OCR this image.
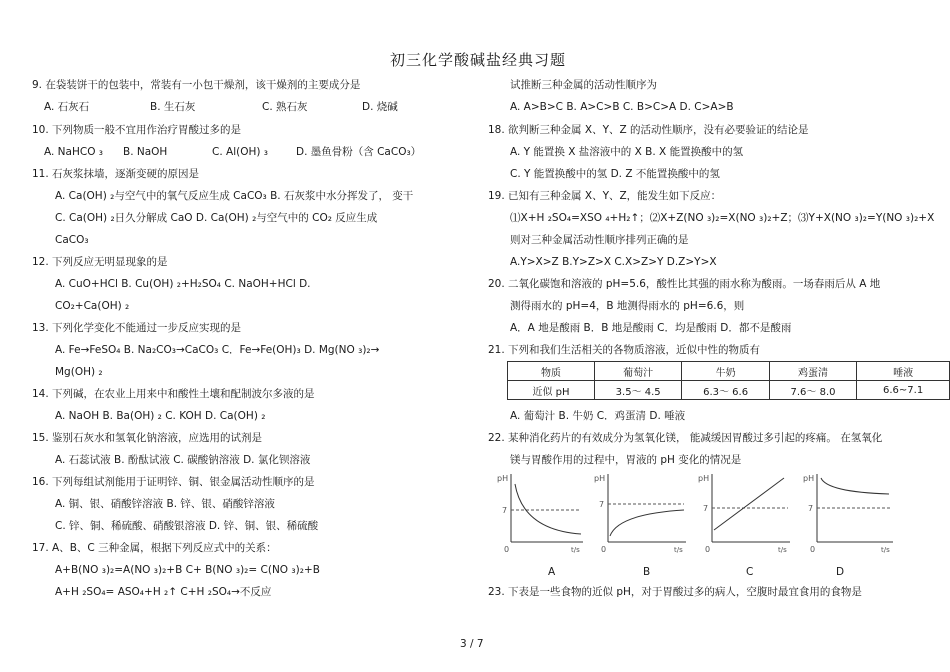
初三化学酸碱盐经典习题
9. 在袋装饼干的包装中，常装有一小包干燥剂，该干燥剂的主要成分是
A. 石灰石	B. 生石灰	C. 熟石灰	D. 烧碱
10. 下列物质一般不宜用作治疗胃酸过多的是
A. NaHCO ₃ B. NaOH	C. Al(OH) ₃	D. 墨鱼骨粉（含 CaCO₃）
11. 石灰浆抹墙，逐渐变硬的原因是
A. Ca(OH) ₂与空气中的氧气反应生成 CaCO₃ B. 石灰浆中水分挥发了， 变干
C. Ca(OH) ₂日久分解成 CaO D. Ca(OH) ₂与空气中的 CO₂ 反应生成
CaCO₃
12. 下列反应无明显现象的是
A. CuO+HCl B. Cu(OH) ₂+H₂SO₄ C. NaOH+HCl D.
CO₂+Ca(OH) ₂
13. 下列化学变化不能通过一步反应实现的是
A. Fe→FeSO₄ B. Na₂CO₃→CaCO₃ C．Fe→Fe(OH)₃ D. Mg(NO ₃)₂→
Mg(OH) ₂
14. 下列碱，在农业上用来中和酸性土壤和配制波尔多液的是
A. NaOH B. Ba(OH) ₂ C. KOH D. Ca(OH) ₂
15. 鉴别石灰水和氢氧化钠溶液，应选用的试剂是
A. 石蕊试液 B. 酚酞试液 C. 碳酸钠溶液 D. 氯化钡溶液
16. 下列每组试剂能用于证明锌、铜、银金属活动性顺序的是
A. 铜、银、硝酸锌溶液 B. 锌、银、硝酸锌溶液
C. 锌、铜、稀硫酸、硝酸银溶液 D. 锌、铜、银、稀硫酸
17. A、B、C 三种金属，根据下列反应式中的关系：
A+B(NO ₃)₂=A(NO ₃)₂+B C+ B(NO ₃)₂= C(NO ₃)₂+B
A+H ₂SO₄= ASO₄+H ₂↑ C+H ₂SO₄→不反应
试推断三种金属的活动性顺序为
A. A>B>C B. A>C>B C. B>C>A D. C>A>B
18. 欲判断三种金属 X、Y、Z 的活动性顺序，没有必要验证的结论是
A. Y 能置换 X 盐溶液中的 X B. X 能置换酸中的氢
C. Y 能置换酸中的氢 D. Z 不能置换酸中的氢
19. 已知有三种金属 X、Y、Z，能发生如下反应：
⑴X+H ₂SO₄=XSO ₄+H₂↑；⑵X+Z(NO ₃)₂=X(NO ₃)₂+Z；⑶Y+X(NO ₃)₂=Y(NO ₃)₂+X
则对三种金属活动性顺序排列正确的是
A.Y>X>Z B.Y>Z>X C.X>Z>Y D.Z>Y>X
20. 二氧化碳饱和溶液的 pH=5.6，酸性比其强的雨水称为酸雨。一场春雨后从 A 地
测得雨水的 pH=4，B 地测得雨水的 pH=6.6，则
A．A 地是酸雨 B．B 地是酸雨 C．均是酸雨 D．都不是酸雨
21. 下列和我们生活相关的各物质溶液，近似中性的物质有
A. 葡萄汁 B. 牛奶 C．鸡蛋清 D. 唾液
22. 某种消化药片的有效成分为氢氧化镁， 能减缓因胃酸过多引起的疼痛。 在氢氧化
镁与胃酸作用的过程中，胃液的 pH 变化的情况是
23. 下表是一些食物的近似 pH，对于胃酸过多的病人，空腹时最宜食用的食物是
物质	葡萄汁	牛奶	鸡蛋清	唾液
近似 pH	3.5～ 4.5	6.3～ 6.6	7.6～ 8.0	6.6~7.1
pH
7
0	t/s
pH
7
0	t/s
pH
7
0	t/s
pH
7
0	t/s
A	B	C	D
3 / 7
